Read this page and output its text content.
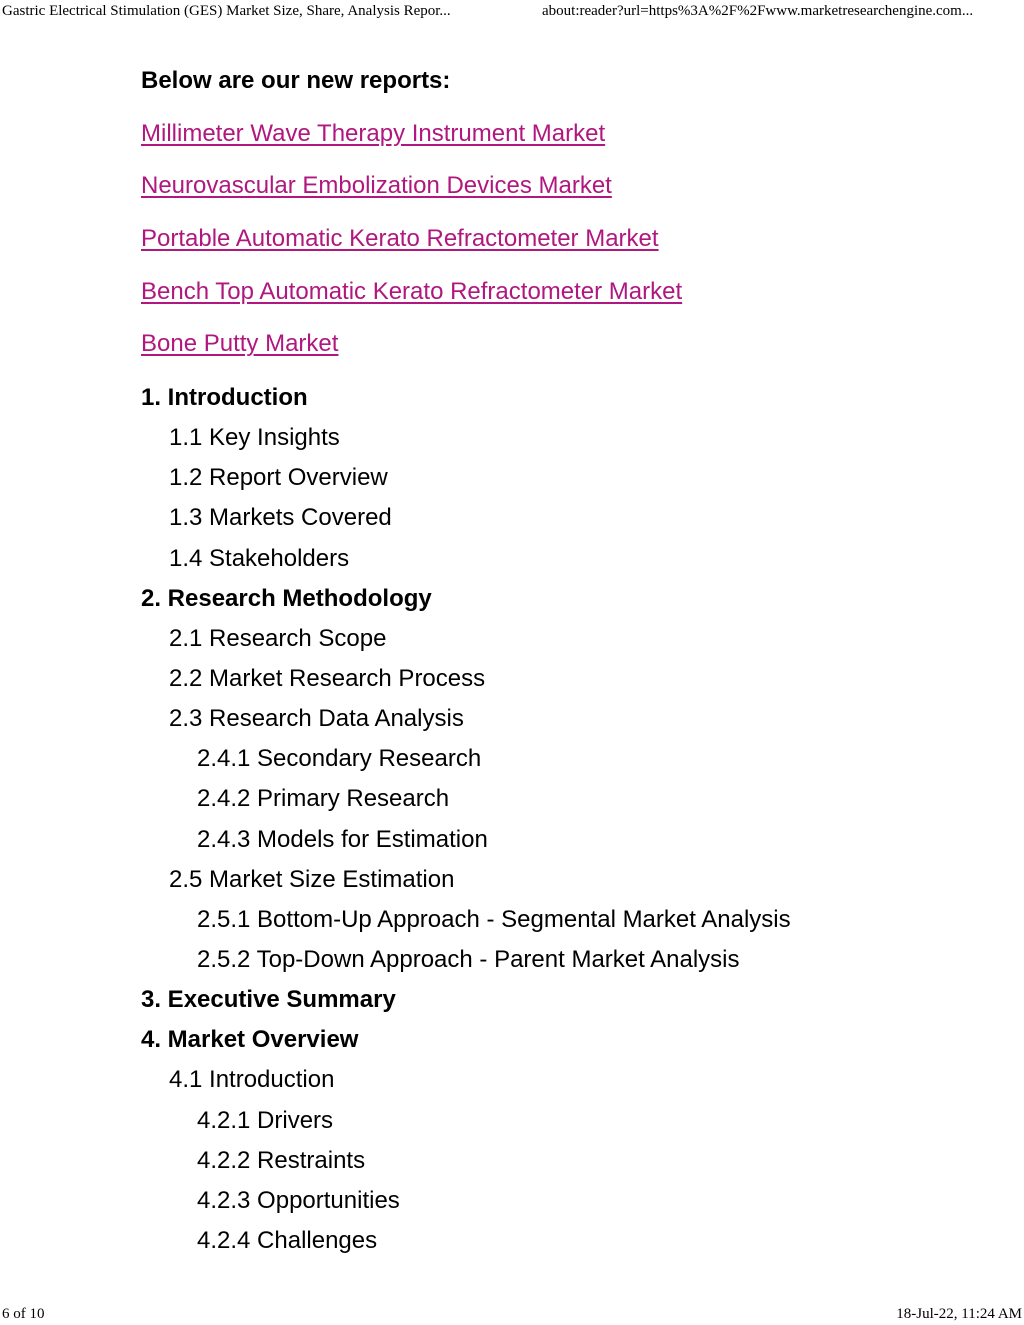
Gastric Electrical Stimulation (GES) Market Size, Share, Analysis Repor...	about:reader?url=https%3A%2F%2Fwww.marketresearchengine.com...

Below are our new reports:

Millimeter Wave Therapy Instrument Market
Neurovascular Embolization Devices Market
Portable Automatic Kerato Refractometer Market
Bench Top Automatic Kerato Refractometer Market
Bone Putty Market
1. Introduction
1.1 Key Insights
1.2 Report Overview
1.3 Markets Covered
1.4 Stakeholders
2. Research Methodology
2.1 Research Scope
2.2 Market Research Process
2.3 Research Data Analysis
2.4.1 Secondary Research
2.4.2 Primary Research
2.4.3 Models for Estimation
2.5 Market Size Estimation
2.5.1 Bottom-Up Approach - Segmental Market Analysis
2.5.2 Top-Down Approach - Parent Market Analysis
3. Executive Summary
4. Market Overview
4.1 Introduction
4.2.1 Drivers
4.2.2 Restraints
4.2.3 Opportunities
4.2.4 Challenges
6 of 10	18-Jul-22, 11:24 AM
